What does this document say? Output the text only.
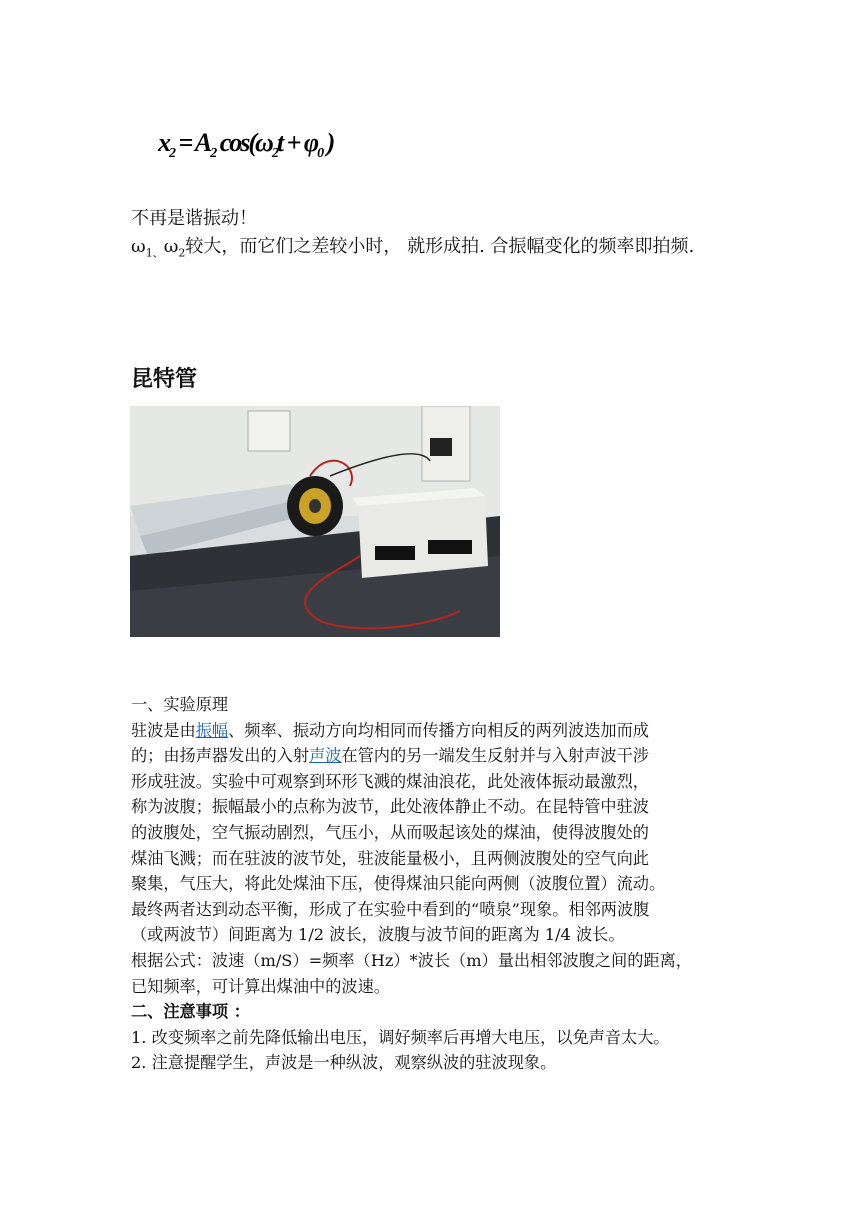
$x_2 = A_2$ $\cos(\omega_2t + \varphi_0$ )
不再是谐振动！
$\omega_{1、}\omega_2$较大，而它们之差较小时， 就形成拍. 合振幅变化的频率即拍频.
昆特管
一、实验原理
驻波是由振幅、频率、振动方向均相同而传播方向相反的两列波迭加而成
的；由扬声器发出的入射声波在管内的另一端发生反射并与入射声波干涉
形成驻波。实验中可观察到环形飞溅的煤油浪花，此处液体振动最激烈，
称为波腹；振幅最小的点称为波节，此处液体静止不动。在昆特管中驻波
的波腹处，空气振动剧烈，气压小，从而吸起该处的煤油，使得波腹处的
煤油飞溅；而在驻波的波节处，驻波能量极小，且两侧波腹处的空气向此
聚集，气压大，将此处煤油下压，使得煤油只能向两侧（波腹位置）流动。
最终两者达到动态平衡，形成了在实验中看到的“喷泉”现象。相邻两波腹
（或两波节）间距离为 1/2 波长，波腹与波节间的距离为 1/4 波长。
根据公式：波速（m/S）=频率（Hz）*波长（m）量出相邻波腹之间的距离，
已知频率，可计算出煤油中的波速。
二、注意事项 ：
1. 改变频率之前先降低输出电压，调好频率后再增大电压，以免声音太大。
2. 注意提醒学生，声波是一种纵波，观察纵波的驻波现象。
